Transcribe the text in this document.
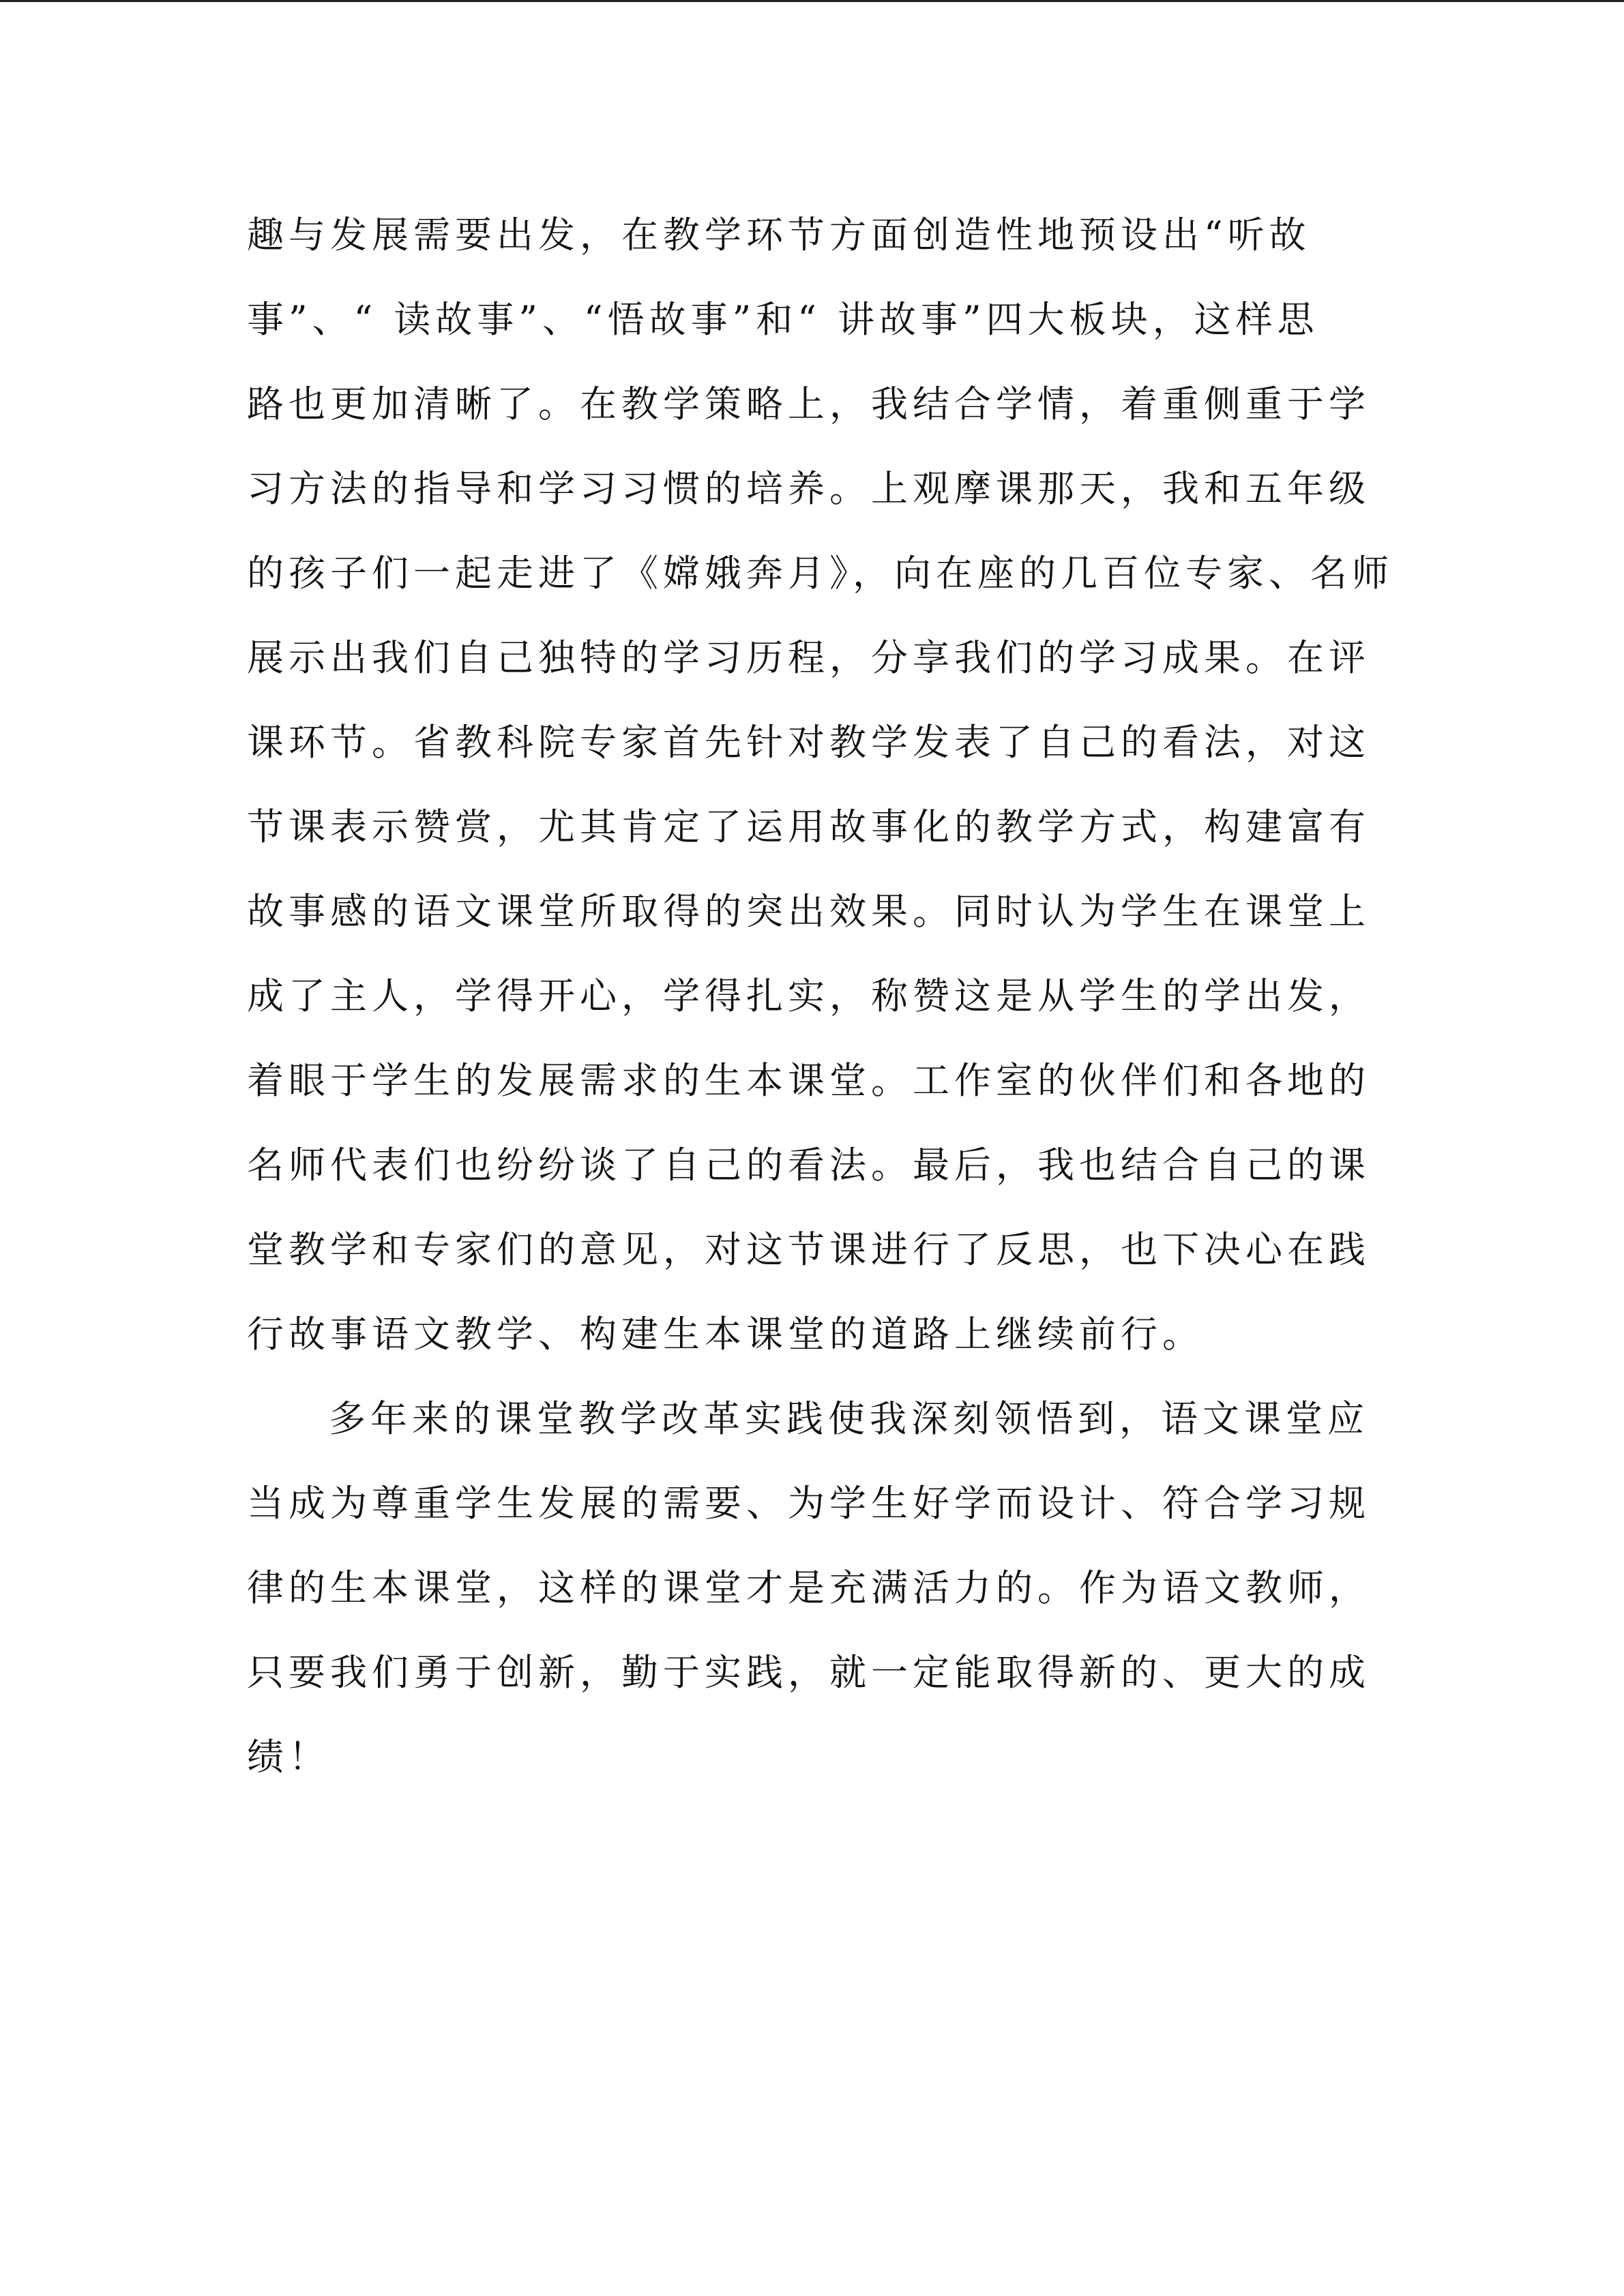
趣与发展需要出发，在教学环节方面创造性地预设出“听故
事”、“ 读故事”、“悟故事”和“ 讲故事”四大板块，这样思
路也更加清晰了。在教学策略上，我结合学情，着重侧重于学
习方法的指导和学习习惯的培养。上观摩课那天，我和五年级
的孩子们一起走进了《嫦娥奔月》，向在座的几百位专家、名师
展示出我们自己独特的学习历程，分享我们的学习成果。在评
课环节。省教科院专家首先针对教学发表了自己的看法，对这
节课表示赞赏，尤其肯定了运用故事化的教学方式，构建富有
故事感的语文课堂所取得的突出效果。同时认为学生在课堂上
成了主人，学得开心，学得扎实，称赞这是从学生的学出发，
着眼于学生的发展需求的生本课堂。工作室的伙伴们和各地的
名师代表们也纷纷谈了自己的看法。最后，我也结合自己的课
堂教学和专家们的意见，对这节课进行了反思，也下决心在践
行故事语文教学、构建生本课堂的道路上继续前行。
多年来的课堂教学改革实践使我深刻领悟到，语文课堂应
当成为尊重学生发展的需要、为学生好学而设计、符合学习规
律的生本课堂，这样的课堂才是充满活力的。作为语文教师，
只要我们勇于创新，勤于实践，就一定能取得新的、更大的成
绩！
